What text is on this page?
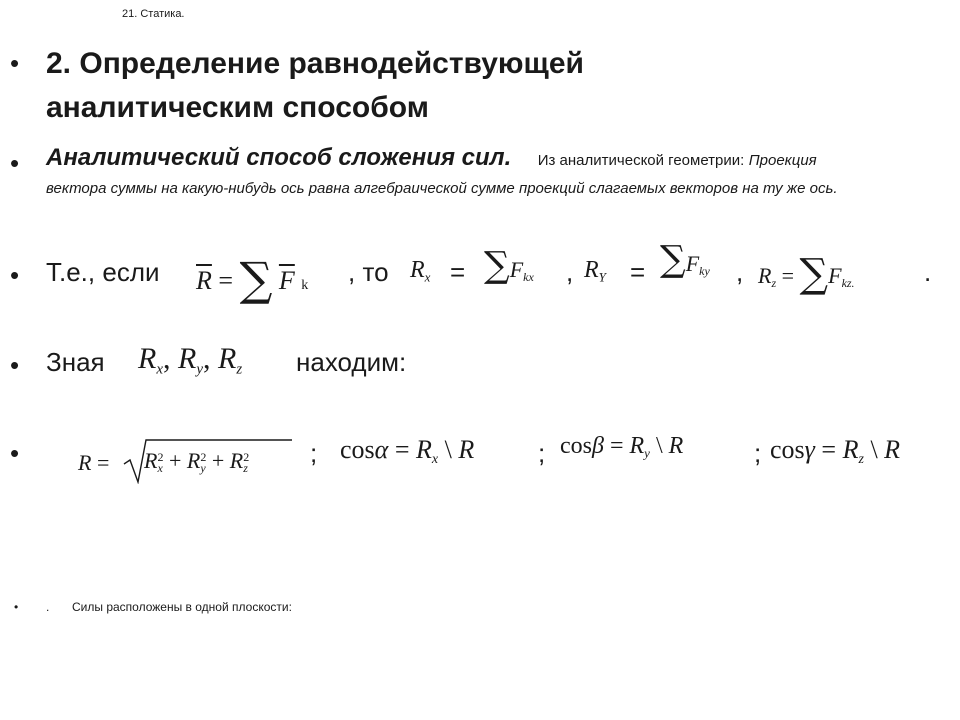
21. Статика.
• 2. Определение равнодействующей
аналитическим способом
• Аналитический способ сложения сил. Из аналитической геометрии: Проекция
вектора суммы на какую-нибудь ось равна алгебраической сумме проекций слагаемых векторов на ту же ось.
• Т.е., если $\overline{R}$ = ∑ $\overline{F}$ k , то $R_x = \sum F_{kx}$ , $R_Y = \sum F_{ky}$ , $R_z = \sum F_{kz.}$	.
• Зная $R_x$, $R_y$, $R_z$ находим:
•	R = R 2
x + R 2
y + R 2
z ; $\cos\alpha = R_x$ \ R ; $\cos\beta = R_y$ \ R	; $\cos\gamma = R_z$ \ R
• . Силы расположены в одной плоскости:
